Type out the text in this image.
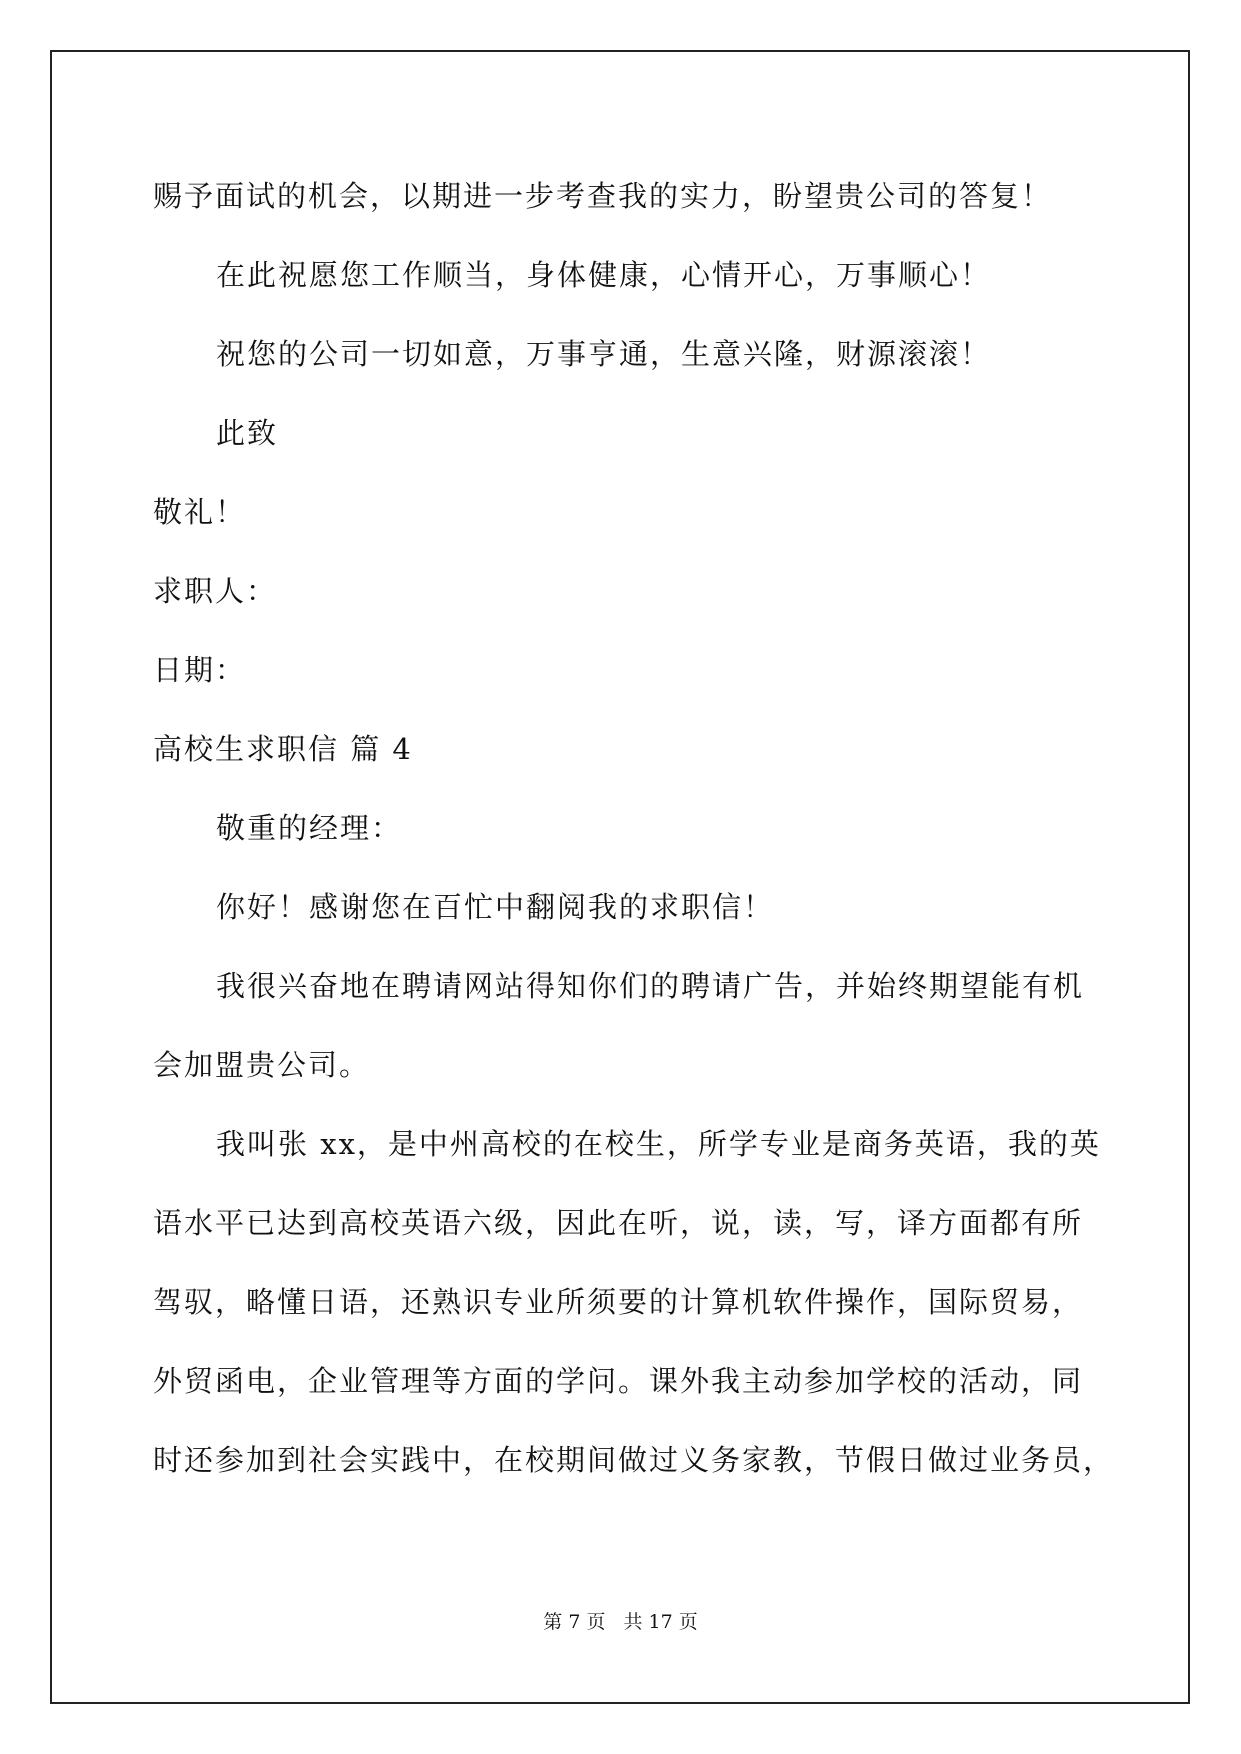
赐予面试的机会，以期进一步考查我的实力，盼望贵公司的答复！
在此祝愿您工作顺当，身体健康，心情开心，万事顺心！
祝您的公司一切如意，万事亨通，生意兴隆，财源滚滚！
此致
敬礼！
求职人：
日期：
高校生求职信 篇 4
敬重的经理：
你好！感谢您在百忙中翻阅我的求职信！
我很兴奋地在聘请网站得知你们的聘请广告，并始终期望能有机
会加盟贵公司。
我叫张 xx，是中州高校的在校生，所学专业是商务英语，我的英
语水平已达到高校英语六级，因此在听，说，读，写，译方面都有所
驾驭，略懂日语，还熟识专业所须要的计算机软件操作，国际贸易，
外贸函电，企业管理等方面的学问。课外我主动参加学校的活动，同
时还参加到社会实践中，在校期间做过义务家教，节假日做过业务员，
第 7 页 共 17 页
